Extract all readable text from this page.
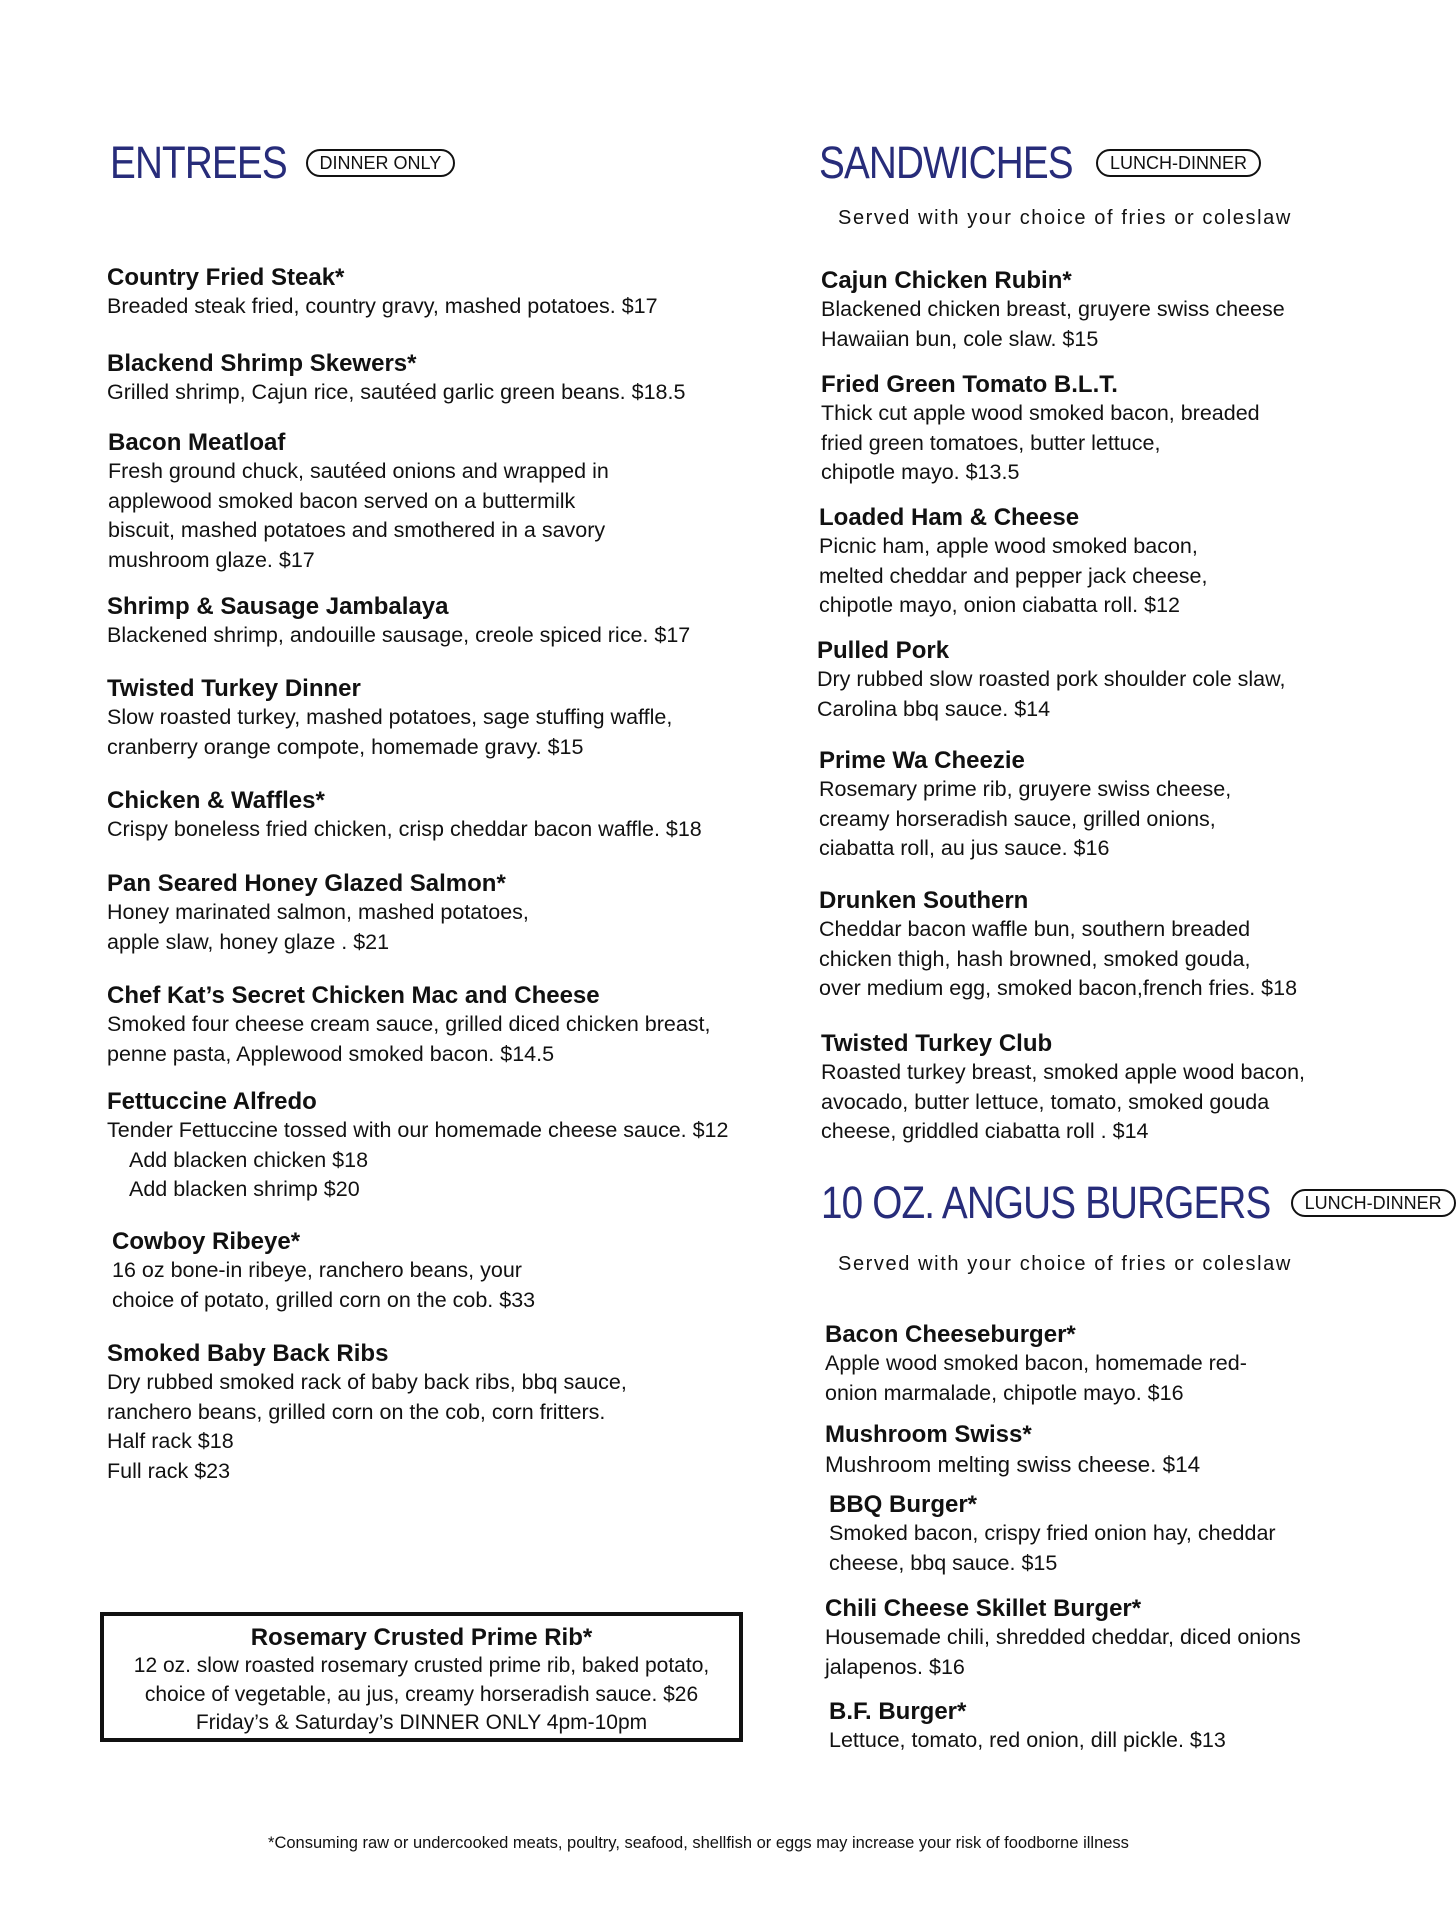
ENTREES	DINNER ONLY	SANDWICHES	LUNCH-DINNER
Served with your choice of fries or coleslaw
10 OZ. ANGUS BURGERS	LUNCH-DINNER
Served with your choice of fries or coleslaw
Country Fried Steak*
Breaded steak fried, country gravy, mashed potatoes. $17
Blackend Shrimp Skewers*
Grilled shrimp, Cajun rice, sautéed garlic green beans. $18.5
Bacon Meatloaf
Fresh ground chuck, sautéed onions and wrapped in
applewood smoked bacon served on a buttermilk
biscuit, mashed potatoes and smothered in a savory
mushroom glaze. $17
Shrimp & Sausage Jambalaya
Blackened shrimp, andouille sausage, creole spiced rice. $17
Twisted Turkey Dinner
Slow roasted turkey, mashed potatoes, sage stuffing waffle,
cranberry orange compote, homemade gravy. $15
Chicken & Waffles*
Crispy boneless fried chicken, crisp cheddar bacon waffle. $18
Pan Seared Honey Glazed Salmon*
Honey marinated salmon, mashed potatoes,
apple slaw, honey glaze . $21
Chef Kat’s Secret Chicken Mac and Cheese
Smoked four cheese cream sauce, grilled diced chicken breast,
penne pasta, Applewood smoked bacon. $14.5
Fettuccine Alfredo
Tender Fettuccine tossed with our homemade cheese sauce. $12
Add blacken chicken $18
Add blacken shrimp $20
Cowboy Ribeye*
16 oz bone-in ribeye, ranchero beans, your
choice of potato, grilled corn on the cob. $33
Smoked Baby Back Ribs
Dry rubbed smoked rack of baby back ribs, bbq sauce,
ranchero beans, grilled corn on the cob, corn fritters.
Half rack $18
Full rack $23
Rosemary Crusted Prime Rib*
12 oz. slow roasted rosemary crusted prime rib, baked potato,
choice of vegetable, au jus, creamy horseradish sauce. $26
Friday’s & Saturday’s DINNER ONLY 4pm-10pm
Cajun Chicken Rubin*
Blackened chicken breast, gruyere swiss cheese
Hawaiian bun, cole slaw. $15
Fried Green Tomato B.L.T.
Thick cut apple wood smoked bacon, breaded
fried green tomatoes, butter lettuce,
chipotle mayo. $13.5
Loaded Ham & Cheese
Picnic ham, apple wood smoked bacon,
melted cheddar and pepper jack cheese,
chipotle mayo, onion ciabatta roll. $12
Pulled Pork
Dry rubbed slow roasted pork shoulder cole slaw,
Carolina bbq sauce. $14
Prime Wa Cheezie
Rosemary prime rib, gruyere swiss cheese,
creamy horseradish sauce, grilled onions,
ciabatta roll, au jus sauce. $16
Drunken Southern
Cheddar bacon waffle bun, southern breaded
chicken thigh, hash browned, smoked gouda,
over medium egg, smoked bacon,french fries. $18
Twisted Turkey Club
Roasted turkey breast, smoked apple wood bacon,
avocado, butter lettuce, tomato, smoked gouda
cheese, griddled ciabatta roll . $14
Bacon Cheeseburger*
Apple wood smoked bacon, homemade red-
onion marmalade, chipotle mayo. $16
Mushroom Swiss*
Mushroom melting swiss cheese. $14
BBQ Burger*
Smoked bacon, crispy fried onion hay, cheddar
cheese, bbq sauce. $15
Chili Cheese Skillet Burger*
Housemade chili, shredded cheddar, diced onions
jalapenos. $16
B.F. Burger*
Lettuce, tomato, red onion, dill pickle. $13
*Consuming raw or undercooked meats, poultry, seafood, shellfish or eggs may increase your risk of foodborne illness
